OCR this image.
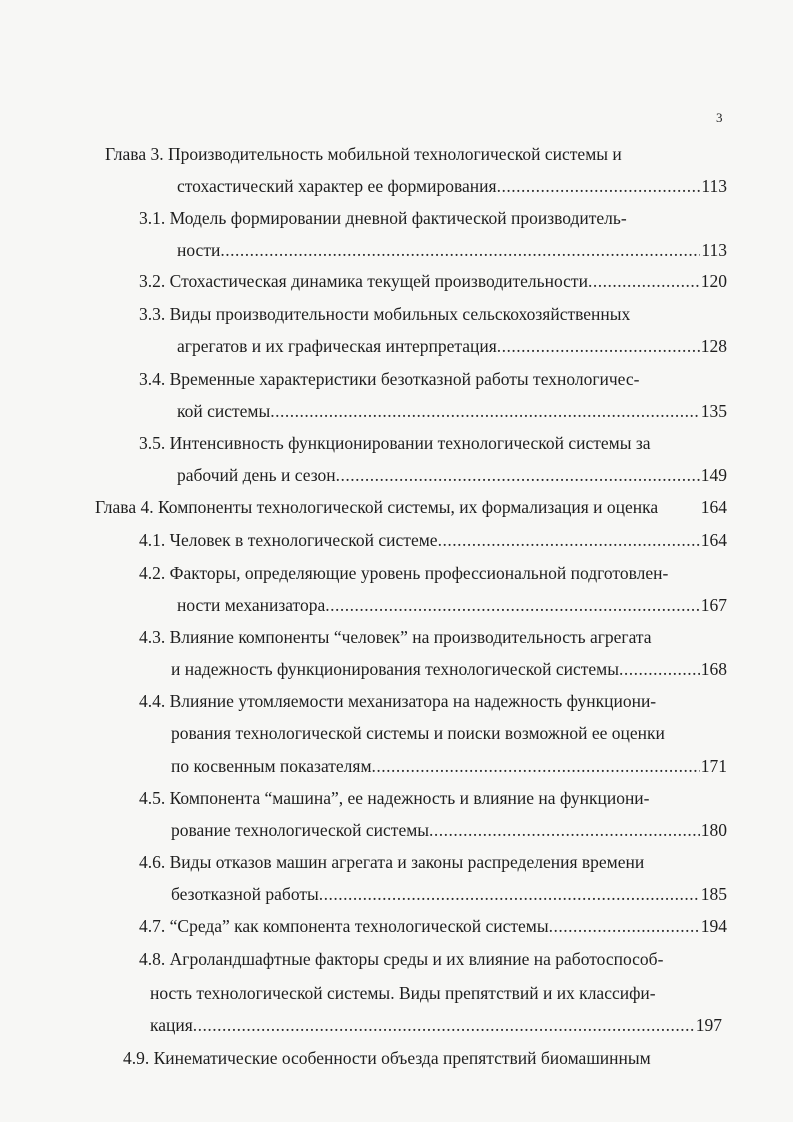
3
Глава 3. Производительность мобильной технологической системы и
стохастический характер ее формирования .....	113
3.1. Модель формировании дневной фактической производитель-
ности .....	113
3.2. Стохастическая динамика текущей производительности .....	120
3.3. Виды производительности мобильных сельскохозяйственных
агрегатов и их графическая интерпретация .....	128
3.4. Временные характеристики безотказной работы технологичес-
кой системы .....	135
3.5. Интенсивность функционировании технологической системы за
рабочий день и сезон .....	149
Глава 4. Компоненты технологической системы, их формализация и оценка 164
4.1. Человек в технологической системе .....	164
4.2. Факторы, определяющие уровень профессиональной подготовлен-
ности механизатора .....	167
4.3. Влияние компоненты “человек” на производительность агрегата
и надежность функционирования технологической системы .....	168
4.4. Влияние утомляемости механизатора на надежность функциони-
рования технологической системы и поиски возможной ее оценки
по косвенным показателям .....	171
4.5. Компонента “машина”, ее надежность и влияние на функциони-
рование технологической системы .....	180
4.6. Виды отказов машин агрегата и законы распределения времени
безотказной работы .....	185
4.7. “Среда” как компонента технологической системы .....	194
4.8. Агроландшафтные факторы среды и их влияние на работоспособ-
ность технологической системы. Виды препятствий и их классифи-
кация .....	197
4.9. Кинематические особенности объезда препятствий биомашинным
